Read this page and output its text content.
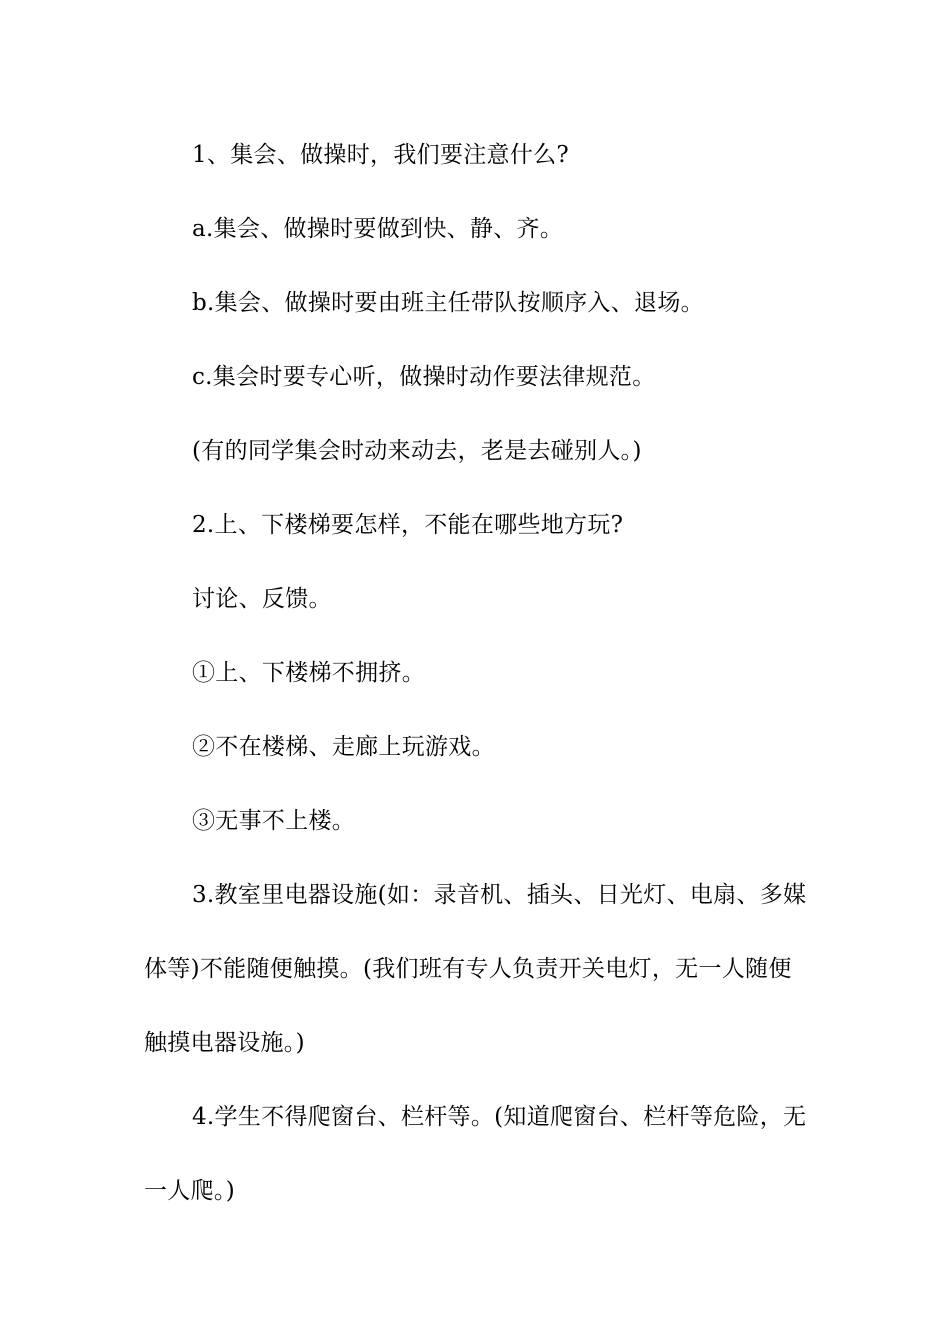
1、集会、做操时，我们要注意什么?

a.集会、做操时要做到快、静、齐。

b.集会、做操时要由班主任带队按顺序入、退场。

c.集会时要专心听，做操时动作要法律规范。

(有的同学集会时动来动去，老是去碰别人。)

2.上、下楼梯要怎样，不能在哪些地方玩?

讨论、反馈。

①上、下楼梯不拥挤。

②不在楼梯、走廊上玩游戏。

③无事不上楼。

3.教室里电器设施(如：录音机、插头、日光灯、电扇、多媒体等)不能随便触摸。(我们班有专人负责开关电灯，无一人随便触摸电器设施。)

4.学生不得爬窗台、栏杆等。(知道爬窗台、栏杆等危险，无一人爬。)
